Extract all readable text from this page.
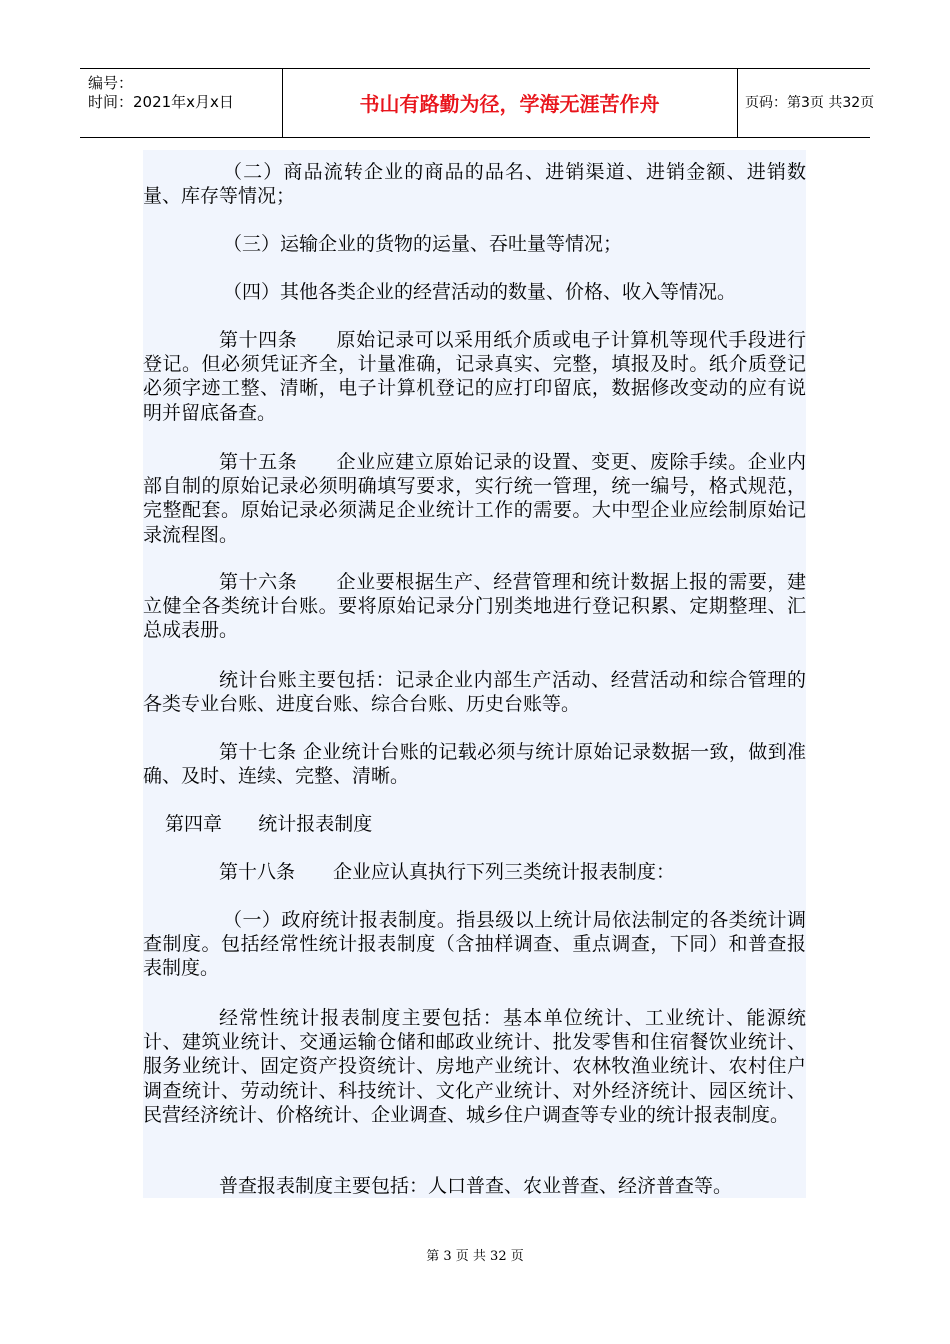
编号：
时间：2021年x月x日	书山有路勤为径，学海无涯苦作舟	页码：第3页 共32页

（二）商品流转企业的商品的品名、进销渠道、进销金额、进销数量、库存等情况；

（三）运输企业的货物的运量、吞吐量等情况；

（四）其他各类企业的经营活动的数量、价格、收入等情况。

第十四条　　原始记录可以采用纸介质或电子计算机等现代手段进行登记。但必须凭证齐全，计量准确，记录真实、完整，填报及时。纸介质登记必须字迹工整、清晰，电子计算机登记的应打印留底，数据修改变动的应有说明并留底备查。

第十五条　　企业应建立原始记录的设置、变更、废除手续。企业内部自制的原始记录必须明确填写要求，实行统一管理，统一编号，格式规范，完整配套。原始记录必须满足企业统计工作的需要。大中型企业应绘制原始记录流程图。

第十六条　　企业要根据生产、经营管理和统计数据上报的需要，建立健全各类统计台账。要将原始记录分门别类地进行登记积累、定期整理、汇总成表册。

统计台账主要包括：记录企业内部生产活动、经营活动和综合管理的各类专业台账、进度台账、综合台账、历史台账等。

第十七条 企业统计台账的记载必须与统计原始记录数据一致，做到准确、及时、连续、完整、清晰。

第四章      统计报表制度

第十八条　　企业应认真执行下列三类统计报表制度：

（一）政府统计报表制度。指县级以上统计局依法制定的各类统计调查制度。包括经常性统计报表制度（含抽样调查、重点调查，下同）和普查报表制度。

经常性统计报表制度主要包括：基本单位统计、工业统计、能源统计、建筑业统计、交通运输仓储和邮政业统计、批发零售和住宿餐饮业统计、服务业统计、固定资产投资统计、房地产业统计、农林牧渔业统计、农村住户调查统计、劳动统计、科技统计、文化产业统计、对外经济统计、园区统计、民营经济统计、价格统计、企业调查、城乡住户调查等专业的统计报表制度。

普查报表制度主要包括：人口普查、农业普查、经济普查等。

第 3 页 共 32 页
